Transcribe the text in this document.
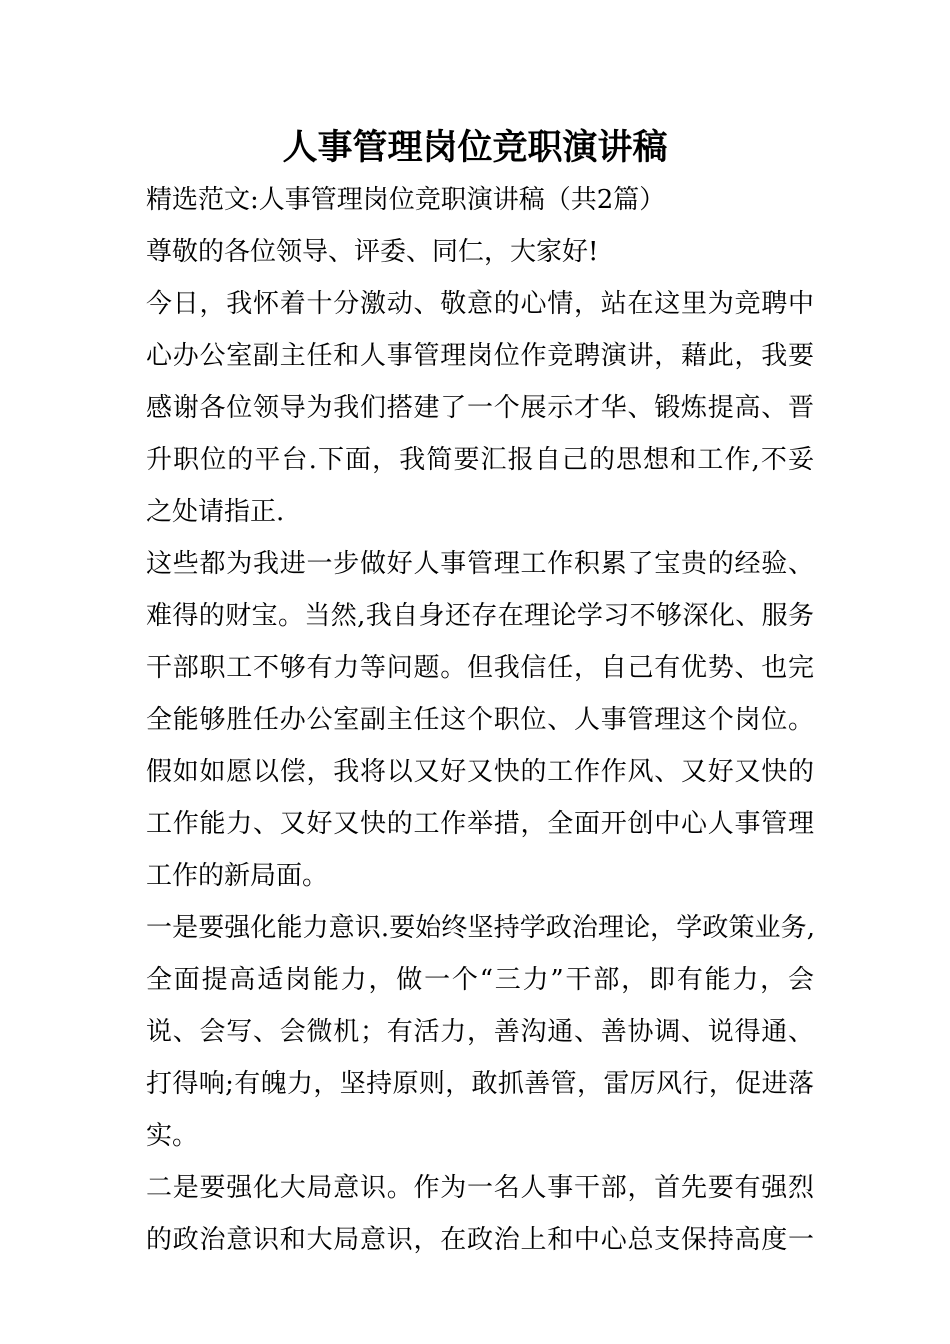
人事管理岗位竞职演讲稿
精选范文:人事管理岗位竞职演讲稿（共2篇）
尊敬的各位领导、评委、同仁，大家好!
今日，我怀着十分激动、敬意的心情，站在这里为竞聘中
心办公室副主任和人事管理岗位作竞聘演讲，藉此，我要
感谢各位领导为我们搭建了一个展示才华、锻炼提高、晋
升职位的平台.下面，我简要汇报自己的思想和工作,不妥
之处请指正.
这些都为我进一步做好人事管理工作积累了宝贵的经验、
难得的财宝。当然,我自身还存在理论学习不够深化、服务
干部职工不够有力等问题。但我信任，自己有优势、也完
全能够胜任办公室副主任这个职位、人事管理这个岗位。
假如如愿以偿，我将以又好又快的工作作风、又好又快的
工作能力、又好又快的工作举措，全面开创中心人事管理
工作的新局面。
一是要强化能力意识.要始终坚持学政治理论，学政策业务,
全面提高适岗能力，做一个“三力”干部，即有能力，会
说、会写、会微机；有活力，善沟通、善协调、说得通、
打得响;有魄力，坚持原则，敢抓善管，雷厉风行，促进落
实。
二是要强化大局意识。作为一名人事干部，首先要有强烈
的政治意识和大局意识，在政治上和中心总支保持高度一
